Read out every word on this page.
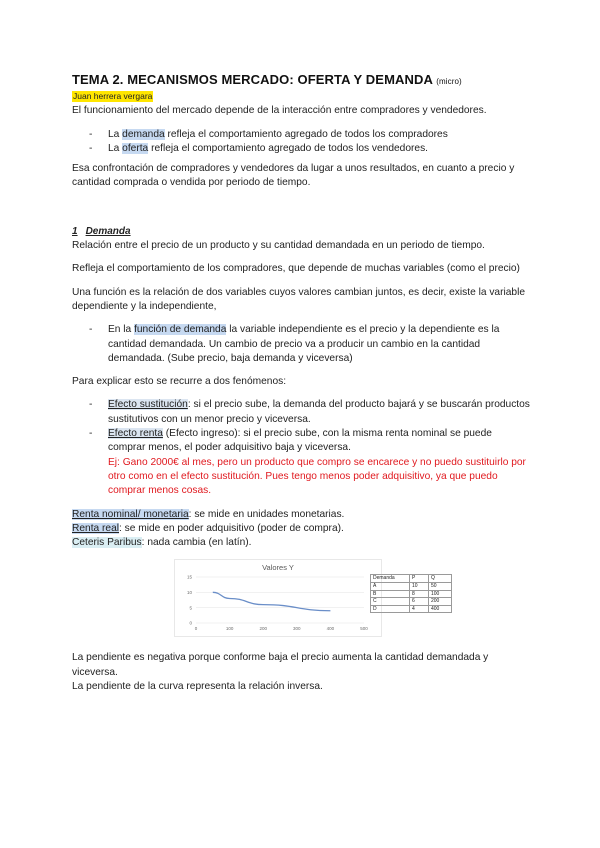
TEMA 2. MECANISMOS MERCADO: OFERTA Y DEMANDA (micro)
Juan herrera vergara

El funcionamiento del mercado depende de la interacción entre compradores y vendedores.

- La demanda refleja el comportamiento agregado de todos los compradores
- La oferta refleja el comportamiento agregado de todos los vendedores.

Esa confrontación de compradores y vendedores da lugar a unos resultados, en cuanto a precio y cantidad comprada o vendida por periodo de tiempo.

1 Demanda

Relación entre el precio de un producto y su cantidad demandada en un periodo de tiempo.

Refleja el comportamiento de los compradores, que depende de muchas variables (como el precio)

Una función es la relación de dos variables cuyos valores cambian juntos, es decir, existe la variable dependiente y la independiente,

- En la función de demanda la variable independiente es el precio y la dependiente es la cantidad demandada. Un cambio de precio va a producir un cambio en la cantidad demandada. (Sube precio, baja demanda y viceversa)

Para explicar esto se recurre a dos fenómenos:

- Efecto sustitución: si el precio sube, la demanda del producto bajará y se buscarán productos sustitutivos con un menor precio y viceversa.
- Efecto renta (Efecto ingreso): si el precio sube, con la misma renta nominal se puede comprar menos, el poder adquisitivo baja y viceversa.
Ej: Gano 2000€ al mes, pero un producto que compro se encarece y no puedo sustituirlo por otro como en el efecto sustitución. Pues tengo menos poder adquisitivo, ya que puedo comprar menos cosas.
Renta nominal/ monetaria: se mide en unidades monetarias.
Renta real: se mide en poder adquisitivo (poder de compra).
Ceteris Paribus: nada cambia (en latín).
Valores Y
0
5
10
15
0	100	200	300	400	500
Demanda	P	Q
A	10	50
B	8	100
C	6	200
D	4	400

La pendiente es negativa porque conforme baja el precio aumenta la cantidad demandada y viceversa.

La pendiente de la curva representa la relación inversa.
